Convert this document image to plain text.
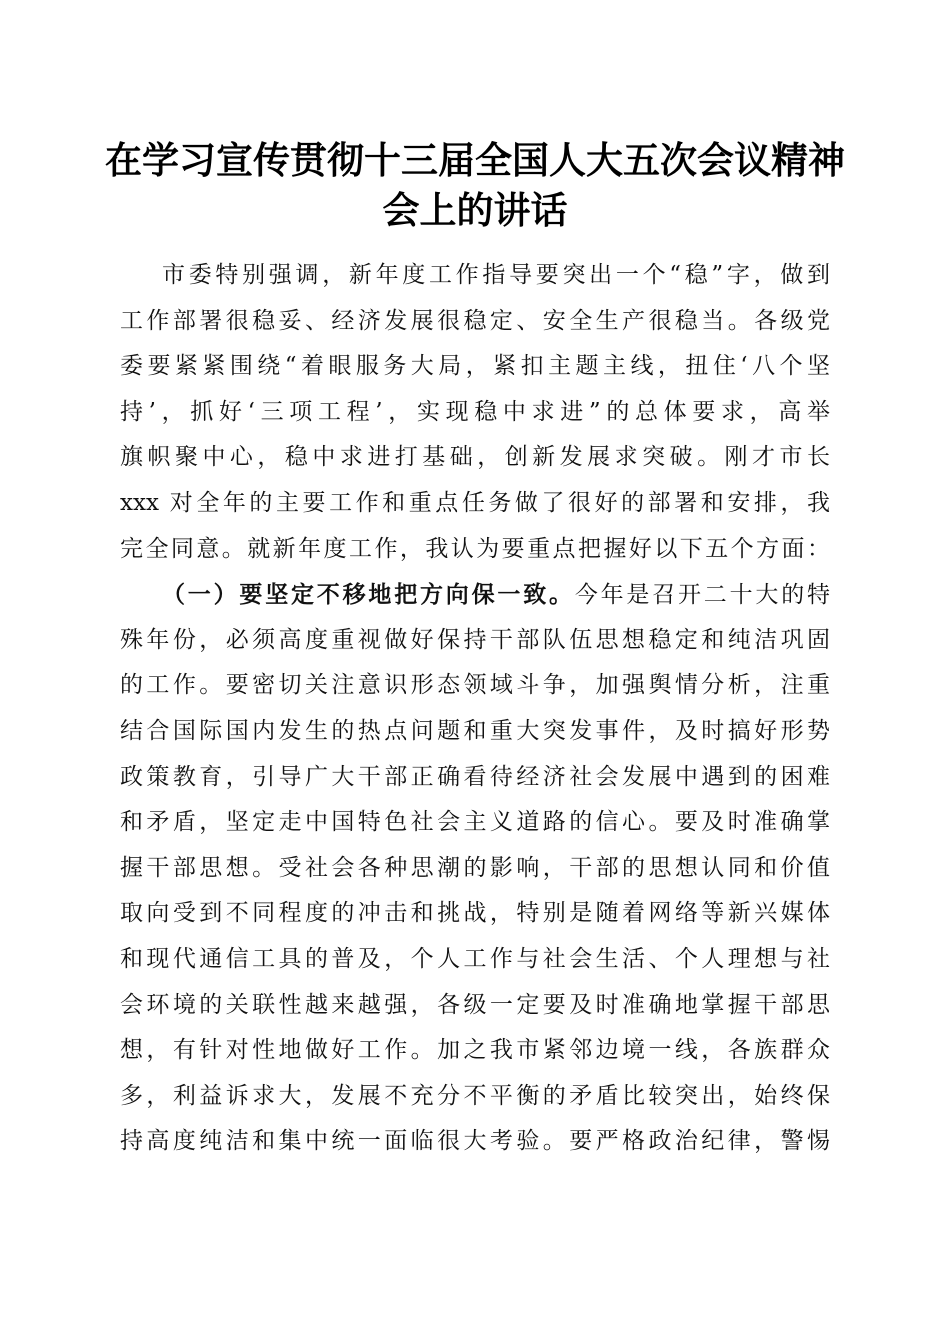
在学习宣传贯彻十三届全国人大五次会议精神
会上的讲话
市委特别强调，新年度工作指导要突出一个“稳”字，做到
工作部署很稳妥、经济发展很稳定、安全生产很稳当。各级党
委要紧紧围绕“着眼服务大局，紧扣主题主线，扭住‘八个坚
持’，抓好‘三项工程’，实现稳中求进”的总体要求，高举
旗帜聚中心，稳中求进打基础，创新发展求突破。刚才市长
xxx 对全年的主要工作和重点任务做了很好的部署和安排，我
完全同意。就新年度工作，我认为要重点把握好以下五个方面：
（一）要坚定不移地把方向保一致。今年是召开二十大的特
殊年份，必须高度重视做好保持干部队伍思想稳定和纯洁巩固
的工作。要密切关注意识形态领域斗争，加强舆情分析，注重
结合国际国内发生的热点问题和重大突发事件，及时搞好形势
政策教育，引导广大干部正确看待经济社会发展中遇到的困难
和矛盾，坚定走中国特色社会主义道路的信心。要及时准确掌
握干部思想。受社会各种思潮的影响，干部的思想认同和价值
取向受到不同程度的冲击和挑战，特别是随着网络等新兴媒体
和现代通信工具的普及，个人工作与社会生活、个人理想与社
会环境的关联性越来越强，各级一定要及时准确地掌握干部思
想，有针对性地做好工作。加之我市紧邻边境一线，各族群众
多，利益诉求大，发展不充分不平衡的矛盾比较突出，始终保
持高度纯洁和集中统一面临很大考验。要严格政治纪律，警惕
